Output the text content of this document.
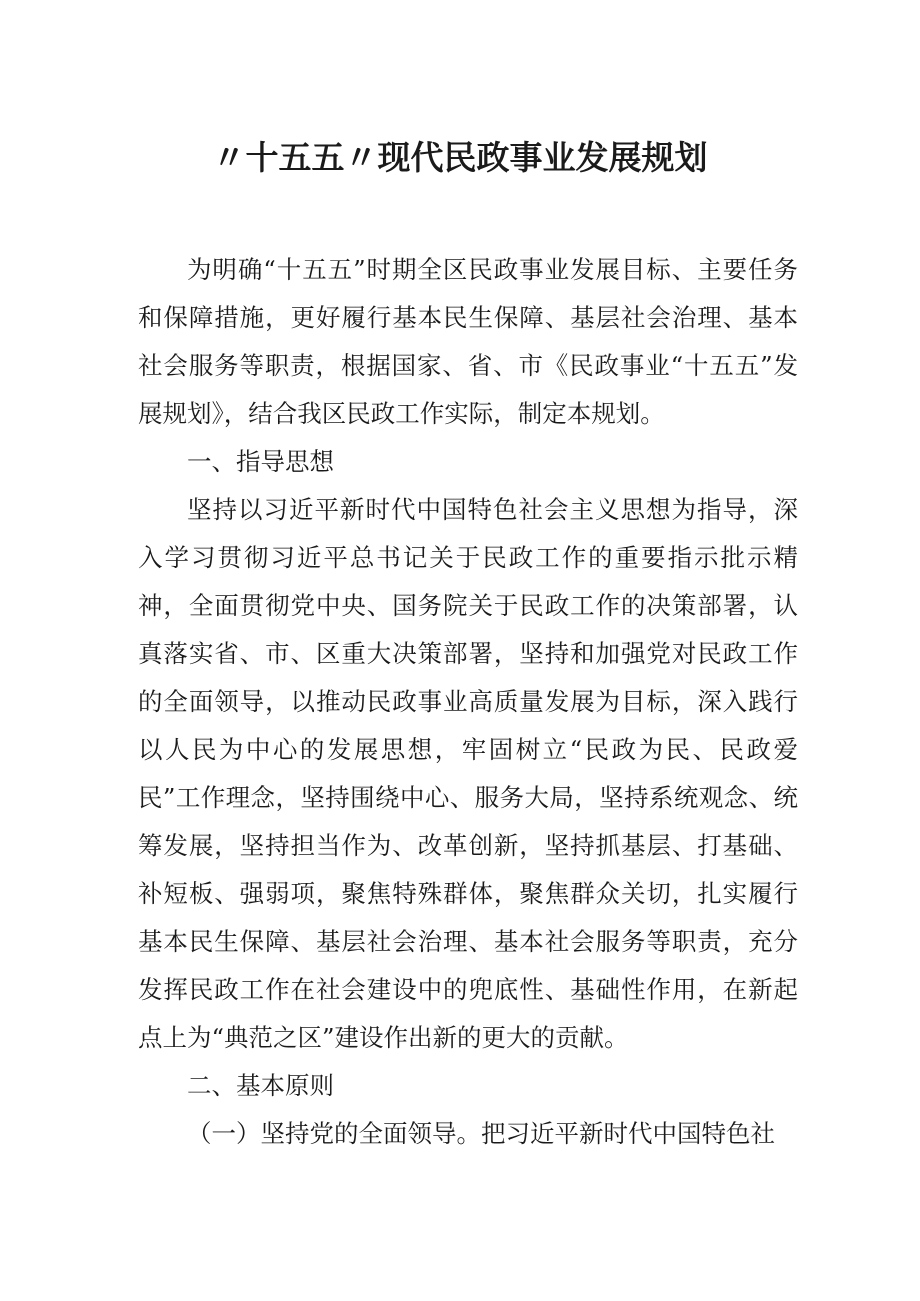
〃十五五〃现代民政事业发展规划

为明确“十五五”时期全区民政事业发展目标、主要任务和保障措施，更好履行基本民生保障、基层社会治理、基本社会服务等职责，根据国家、省、市《民政事业“十五五”发展规划》，结合我区民政工作实际，制定本规划。

一、指导思想

坚持以习近平新时代中国特色社会主义思想为指导，深入学习贯彻习近平总书记关于民政工作的重要指示批示精神，全面贯彻党中央、国务院关于民政工作的决策部署，认真落实省、市、区重大决策部署，坚持和加强党对民政工作的全面领导，以推动民政事业高质量发展为目标，深入践行以人民为中心的发展思想，牢固树立“民政为民、民政爱民”工作理念，坚持围绕中心、服务大局，坚持系统观念、统筹发展，坚持担当作为、改革创新，坚持抓基层、打基础、补短板、强弱项，聚焦特殊群体，聚焦群众关切，扎实履行基本民生保障、基层社会治理、基本社会服务等职责，充分发挥民政工作在社会建设中的兜底性、基础性作用，在新起点上为“典范之区”建设作出新的更大的贡献。

二、基本原则

（一）坚持党的全面领导。把习近平新时代中国特色社
